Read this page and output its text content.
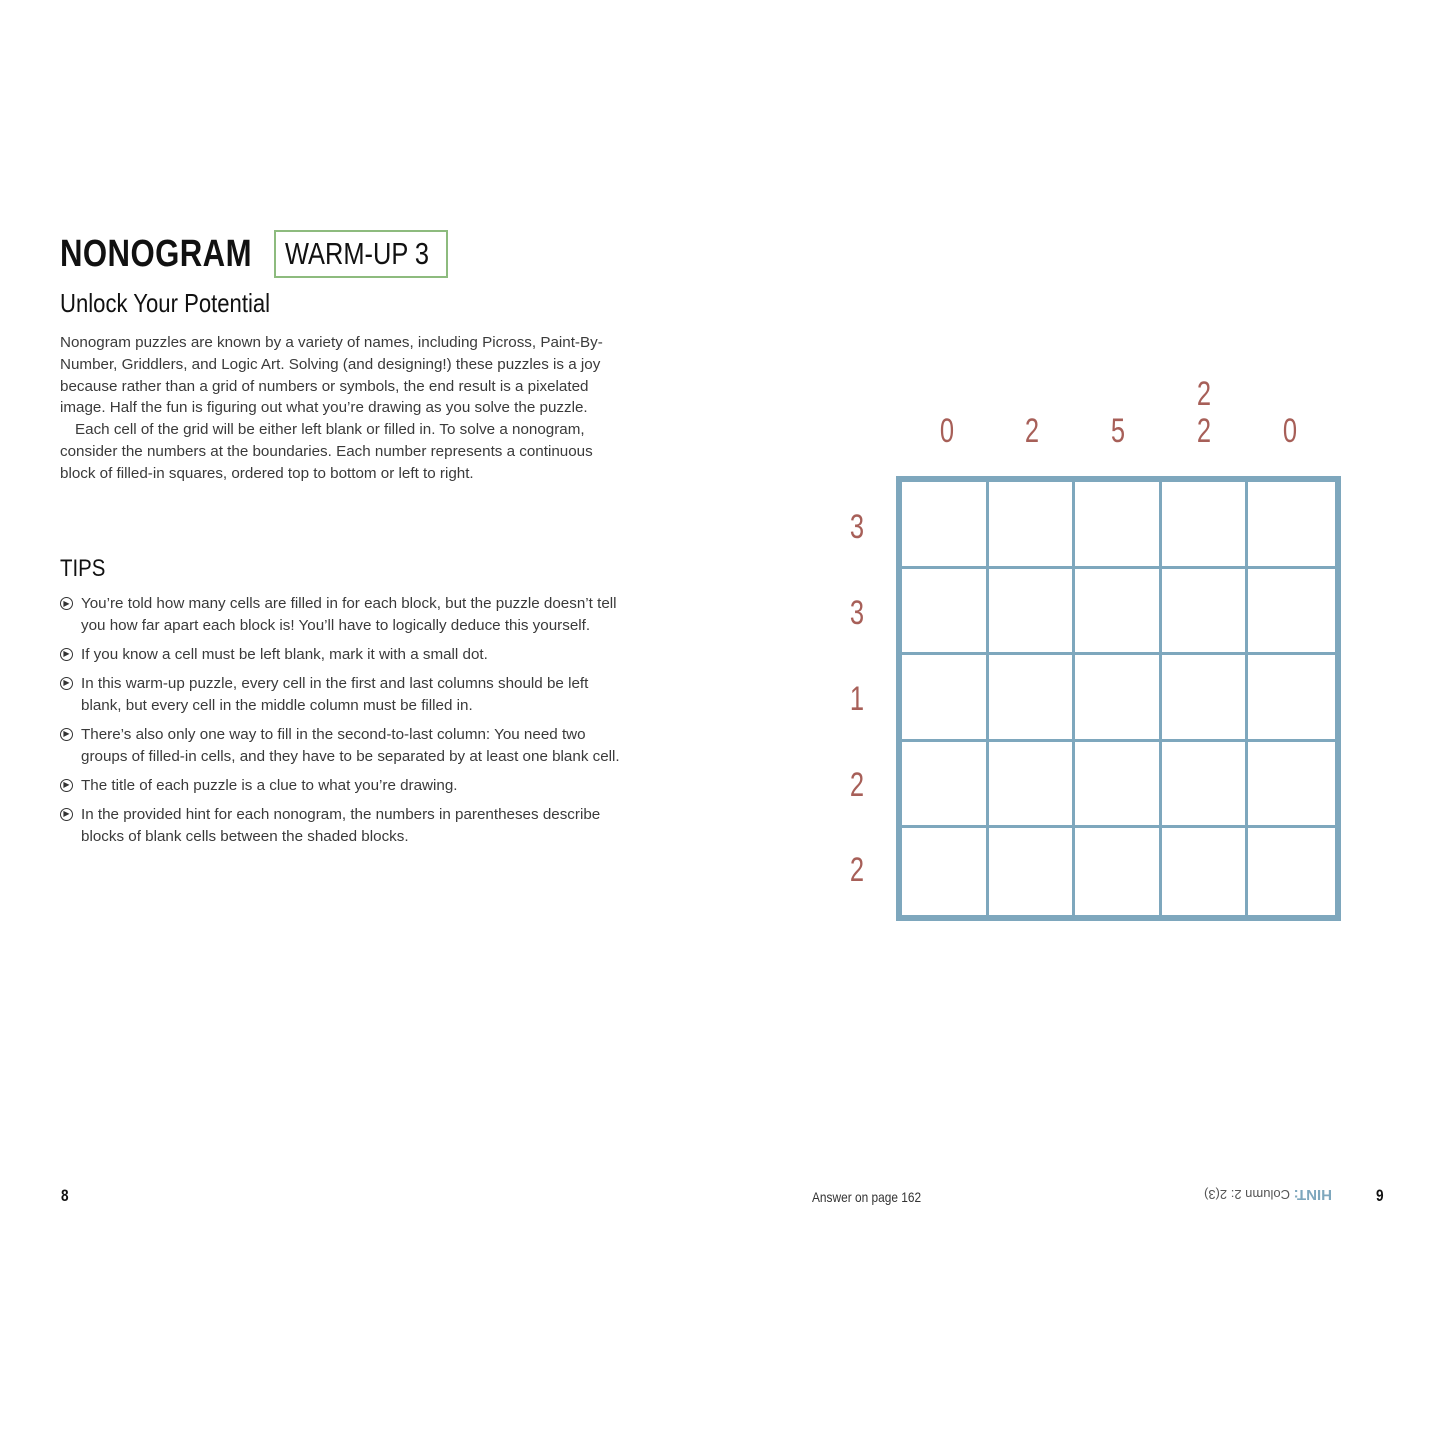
NONOGRAM	WARM-UP 3
Unlock Your Potential

Nonogram puzzles are known by a variety of names, including Picross, Paint-By-Number, Griddlers, and Logic Art. Solving (and designing!) these puzzles is a joy because rather than a grid of numbers or symbols, the end result is a pixelated image. Half the fun is figuring out what you’re drawing as you solve the puzzle.

Each cell of the grid will be either left blank or filled in. To solve a nonogram, consider the numbers at the boundaries. Each number represents a continuous block of filled-in squares, ordered top to bottom or left to right.

TIPS
▶ You’re told how many cells are filled in for each block, but the puzzle doesn’t tell you how far apart each block is! You’ll have to logically deduce this yourself.
▶ If you know a cell must be left blank, mark it with a small dot.
▶ In this warm-up puzzle, every cell in the first and last columns should be left blank, but every cell in the middle column must be filled in.
▶ There’s also only one way to fill in the second-to-last column: You need two groups of filled-in cells, and they have to be separated by at least one blank cell.
▶ The title of each puzzle is a clue to what you’re drawing.
▶ In the provided hint for each nonogram, the numbers in parentheses describe blocks of blank cells between the shaded blocks.
0 2 5
2
2 0
3
3
1
2
2
8	Answer on page 162	HINT: Column 2: 2(3)	9
